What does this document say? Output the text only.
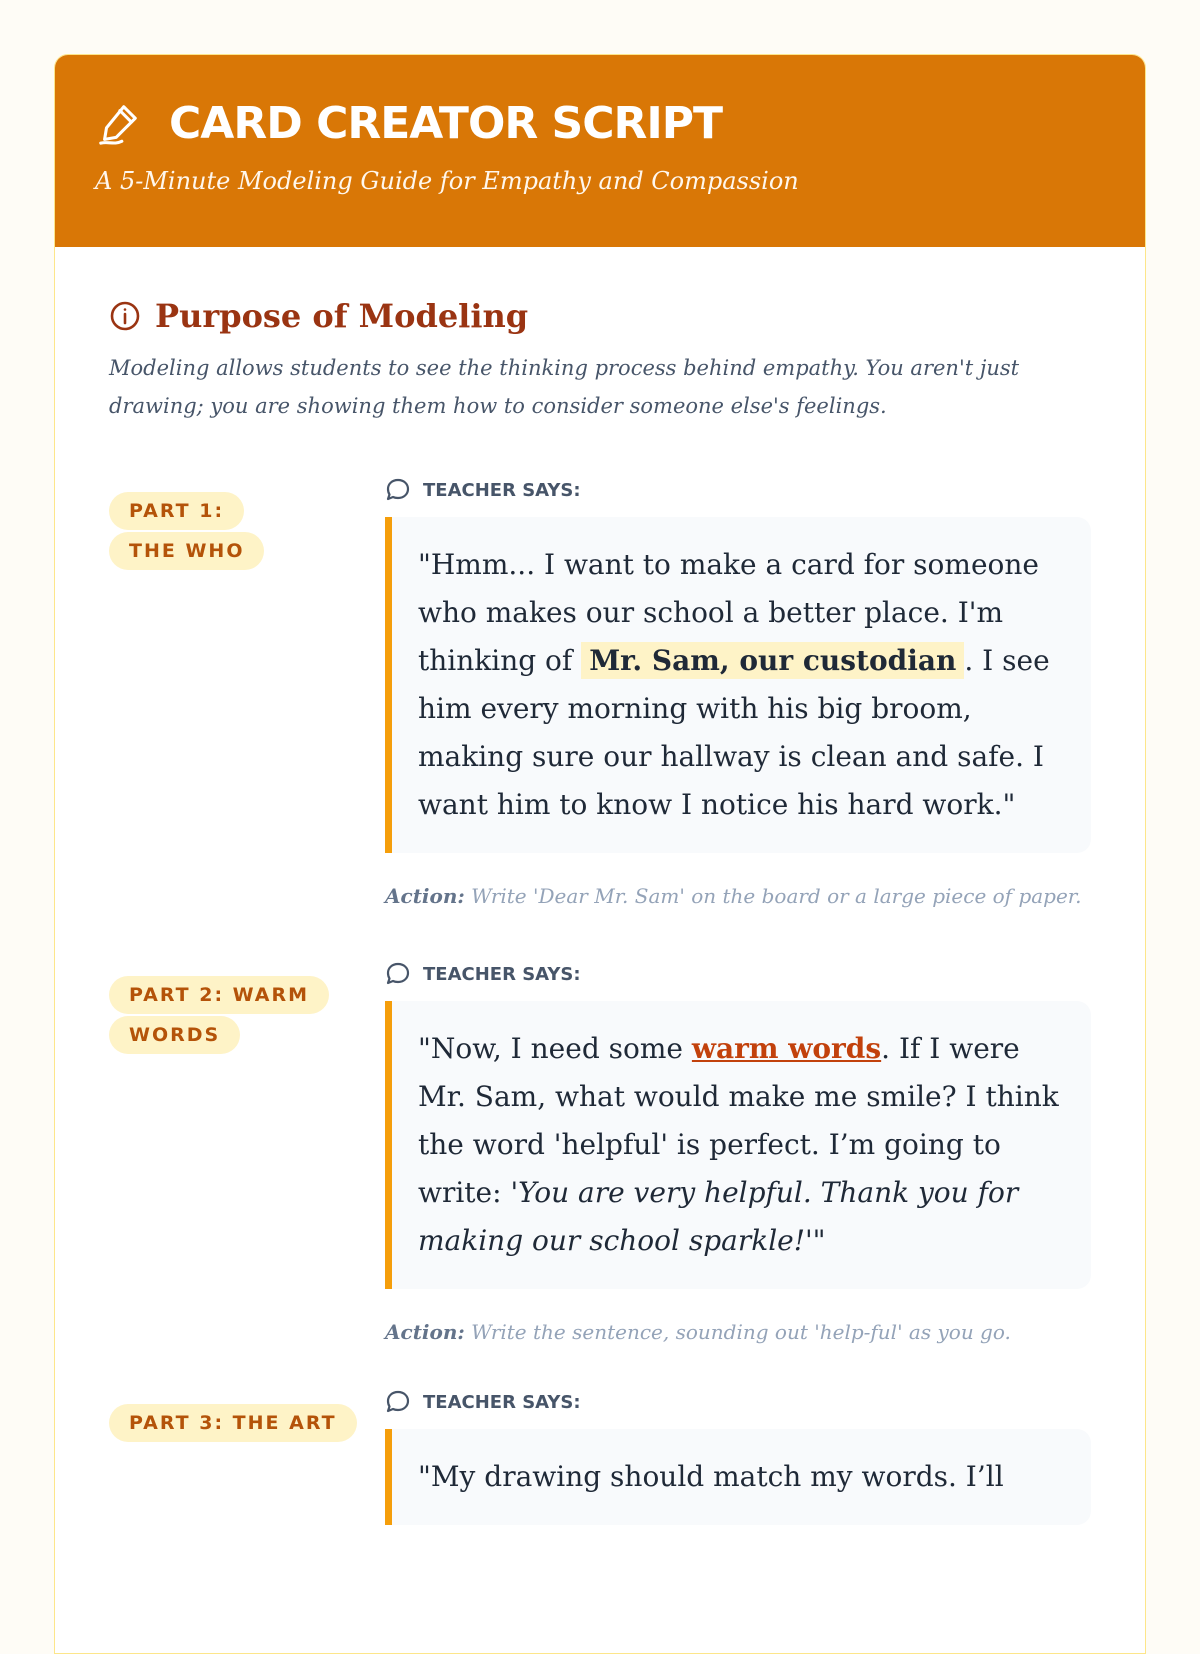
CARD CREATOR SCRIPT
A 5-Minute Modeling Guide for Empathy and Compassion
Purpose of Modeling
Modeling allows students to see the thinking process behind empathy. You aren't just drawing; you are showing them how to consider someone else's feelings.
PART 1: THE WHO
TEACHER SAYS:
"Hmm... I want to make a card for someone who makes our school a better place. I'm thinking of Mr. Sam, our custodian . I see him every morning with his big broom, making sure our hallway is clean and safe. I want him to know I notice his hard work."
Action: Write 'Dear Mr. Sam' on the board or a large piece of paper.
PART 2: WARM WORDS
TEACHER SAYS:
"Now, I need some warm words. If I were Mr. Sam, what would make me smile? I think the word 'helpful' is perfect. I’m going to write: 'You are very helpful. Thank you for making our school sparkle!'"
Action: Write the sentence, sounding out 'help-ful' as you go.
PART 3: THE ART
TEACHER SAYS:
"My drawing should match my words. I’ll
